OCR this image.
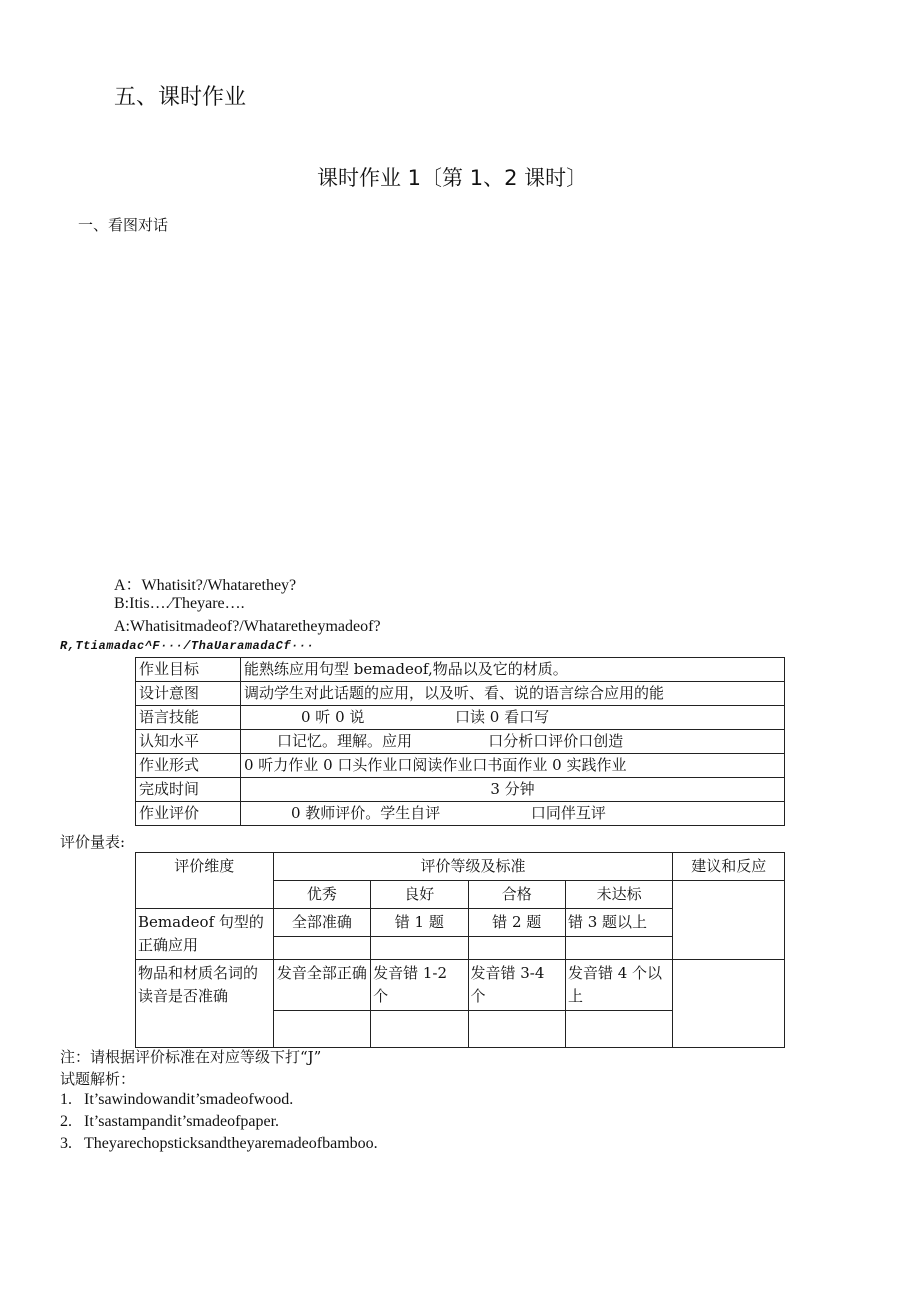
五、课时作业
课时作业 1〔第 1、2 课时〕
一、看图对话
A：Whatisit?/Whatarethey?
B:Itis….∕Theyare….
A:Whatisitmadeof?/Whataretheymadeof?
R,Ttiamadac^F···/ThaUaramadaCf···
作业目标	能熟练应用句型 bemadeof,物品以及它的材质。
设计意图	调动学生对此话题的应用，以及听、看、说的语言综合应用的能
语言技能	0 听 0 说                   口读 0 看口写
认知水平	口记忆。理解。应用                口分析口评价口创造
作业形式	0 听力作业 0 口头作业口阅读作业口书面作业 0 实践作业
完成时间	3 分钟
作业评价	0 教师评价。学生自评                   口同伴互评
评价量表:
评价维度	评价等级及标准				建议和反应
	优秀	良好	合格	未达标	
Bemadeof 句型的正确应用	全部准确	错 1 题	错 2 题	错 3 题以上	

物品和材质名词的读音是否准确	发音全部正确	发音错 1-2 个	发音错 3-4 个	发音错 4 个以上	

注：请根据评价标准在对应等级下打“J”
试题解析：
1. It’sawindowandit’smadeofwood.
2. It’sastampandit’smadeofpaper.
3. Theyarechopsticksandtheyaremadeofbamboo.
